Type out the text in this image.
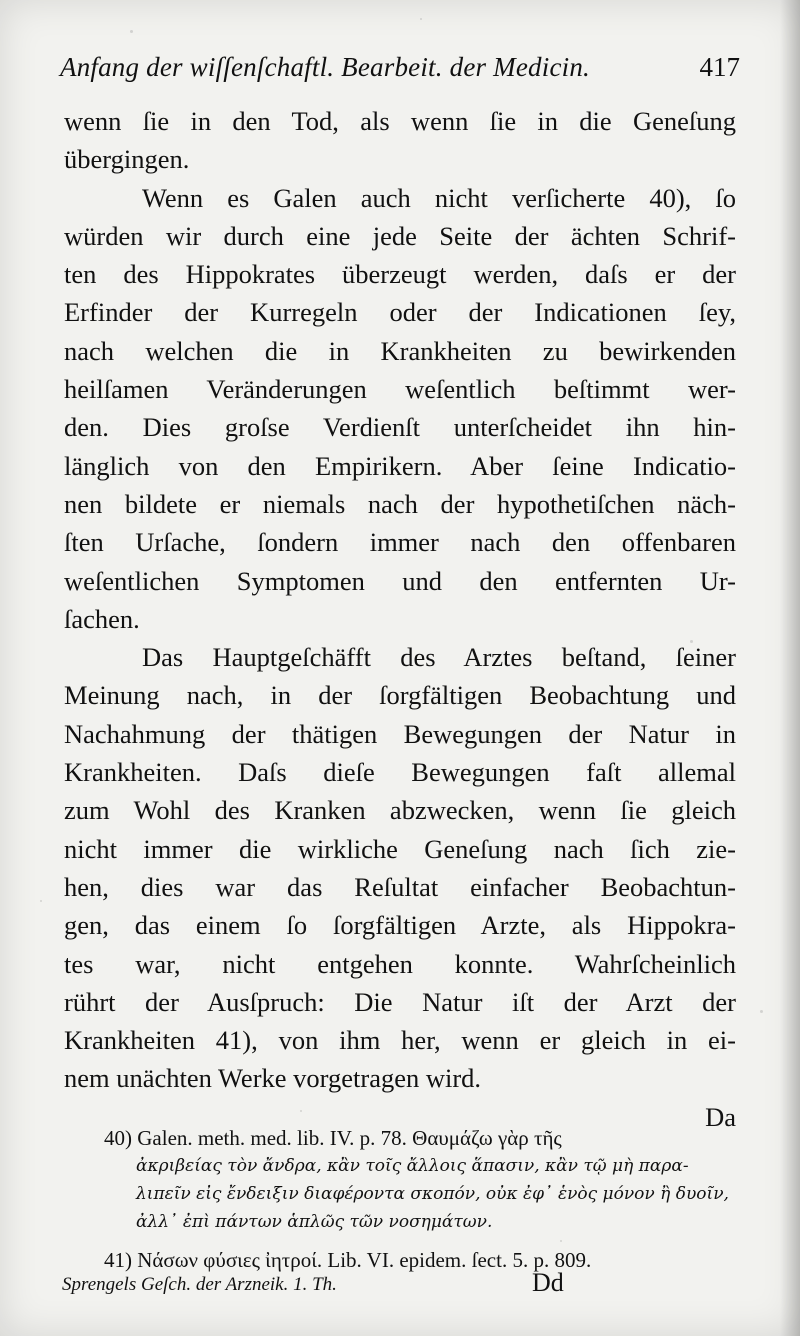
Anfang der wiſſenſchaftl. Bearbeit. der Medicin.	417
wenn ſie in den Tod, als wenn ſie in die Geneſung
übergingen.
Wenn es Galen auch nicht verſicherte 40), ſo
würden wir durch eine jede Seite der ächten Schrif-
ten des Hippokrates überzeugt werden, daſs er der
Erfinder der Kurregeln oder der Indicationen ſey,
nach welchen die in Krankheiten zu bewirkenden
heilſamen Veränderungen weſentlich beſtimmt wer-
den. Dies groſse Verdienſt unterſcheidet ihn hin-
länglich von den Empirikern. Aber ſeine Indicatio-
nen bildete er niemals nach der hypothetiſchen näch-
ſten Urſache, ſondern immer nach den offenbaren
weſentlichen Symptomen und den entfernten Ur-
ſachen.
Das Hauptgeſchäfft des Arztes beſtand, ſeiner
Meinung nach, in der ſorgfältigen Beobachtung und
Nachahmung der thätigen Bewegungen der Natur in
Krankheiten. Daſs dieſe Bewegungen faſt allemal
zum Wohl des Kranken abzwecken, wenn ſie gleich
nicht immer die wirkliche Geneſung nach ſich zie-
hen, dies war das Reſultat einfacher Beobachtun-
gen, das einem ſo ſorgfältigen Arzte, als Hippokra-
tes war, nicht entgehen konnte. Wahrſcheinlich
rührt der Ausſpruch: Die Natur iſt der Arzt der
Krankheiten 41), von ihm her, wenn er gleich in ei-
nem unächten Werke vorgetragen wird.
Da
40) Galen. meth. med. lib. IV. p. 78. Θαυμάζω γὰρ τῆς
ἀκριβείας τὸν ἄνδρα, κἂν τοῖς ἄλλοις ἅπασιν, κἂν τῷ μὴ παρα-
λιπεῖν εἰς ἔνδειξιν διαφέροντα σκοπόν, οὐκ ἐφ᾽ ἑνὸς μόνον ἢ δυοῖν,
ἀλλ᾽ ἐπὶ πάντων ἁπλῶς τῶν νοσημάτων.
41) Νάσων φύσιες ἰητροί. Lib. VI. epidem. ſect. 5. p. 809.
Sprengels Geſch. der Arzneik. 1. Th.	Dd
